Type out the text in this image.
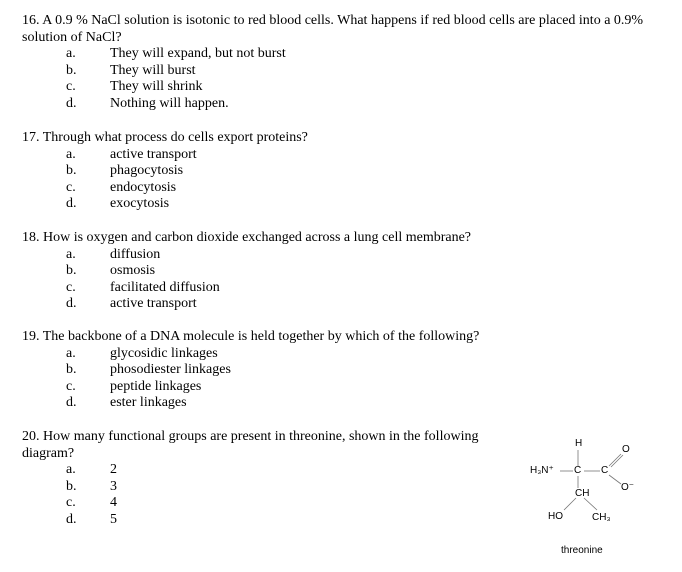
16. A 0.9 % NaCl solution is isotonic to red blood cells. What happens if red blood cells are placed into a 0.9% solution of NaCl?

a. They will expand, but not burst
b. They will burst
c. They will shrink
d. Nothing will happen.

17. Through what process do cells export proteins?

a. active transport
b. phagocytosis
c. endocytosis
d. exocytosis

18. How is oxygen and carbon dioxide exchanged across a lung cell membrane?

a. diffusion
b. osmosis
c. facilitated diffusion
d. active transport

19. The backbone of a DNA molecule is held together by which of the following?

a. glycosidic linkages
b. phosodiester linkages
c. peptide linkages
d. ester linkages

20. How many functional groups are present in threonine, shown in the following diagram?

a. 2
b. 3
c. 4
d. 5
H
H₃N⁺ C C
O
O⁻
CH
HO	CH₃
threonine
